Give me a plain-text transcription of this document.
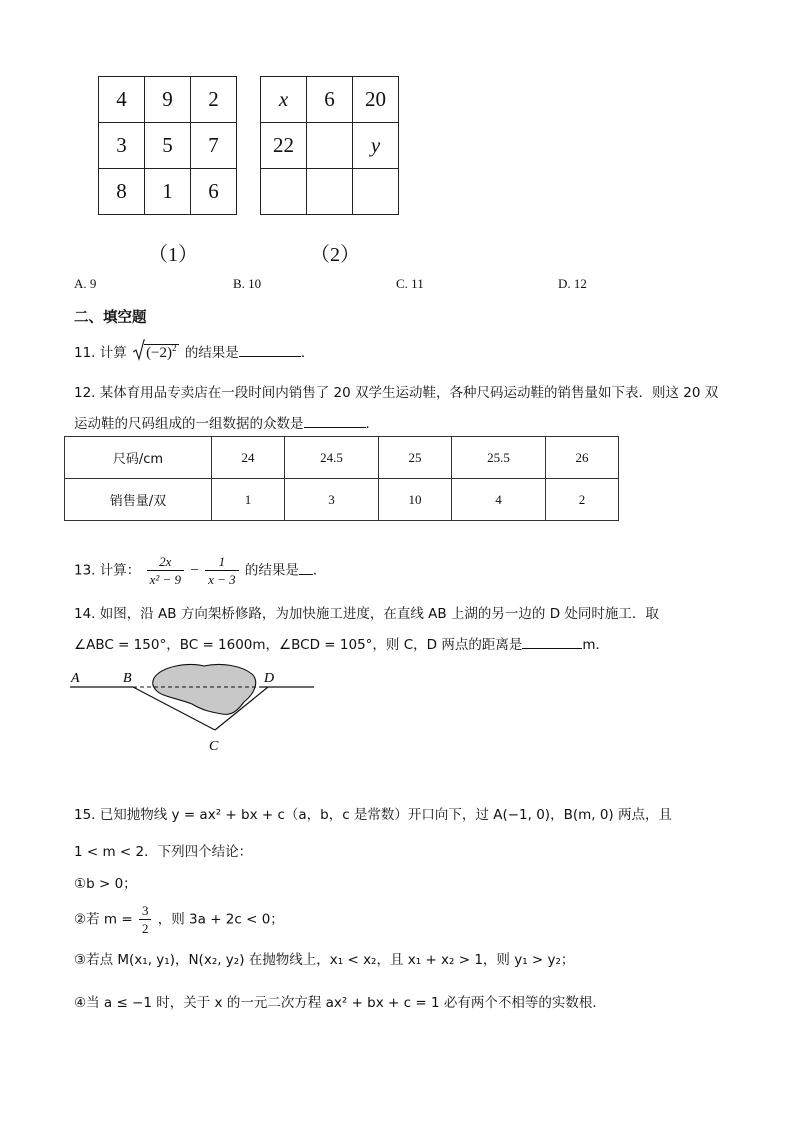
4	9	2
3	5	7
8	1	6
（1）
x	6	20
22		y

（2）
A. 9	B. 10	C. 11	D. 12
二、填空题
11. 计算 $(-2)^2$ 的结果是	．
12. 某体育用品专卖店在一段时间内销售了 20 双学生运动鞋，各种尺码运动鞋的销售量如下表．则这 20 双
运动鞋的尺码组成的一组数据的众数是	．
尺码/cm	24	24.5	25	25.5	26
销售量/双	1	3	10	4	2
13. 计算： $\frac{2x}{\text{x² − 9}} - \frac{1}{x - 3}$ 的结果是 ．
14. 如图，沿 AB 方向架桥修路，为加快施工进度，在直线 AB 上湖的另一边的 D 处同时施工．取
∠ABC = 150°，BC = 1600m，∠BCD = 105°，则 C，D 两点的距离是	m．
A	B	D
C
15. 已知抛物线 y = ax² + bx + c（a，b，c 是常数）开口向下，过 A(−1, 0)，B(m, 0) 两点，且
1 < m < 2．下列四个结论：
①b > 0；
②若 $m = \frac{3}{2}$ ，则 3a + 2c < 0；
③若点 M(x₁, y₁)，N(x₂, y₂) 在抛物线上，x₁ < x₂，且 x₁ + x₂ > 1，则 y₁ > y₂；
④当 a ≤ −1 时，关于 x 的一元二次方程 ax² + bx + c = 1 必有两个不相等的实数根．
